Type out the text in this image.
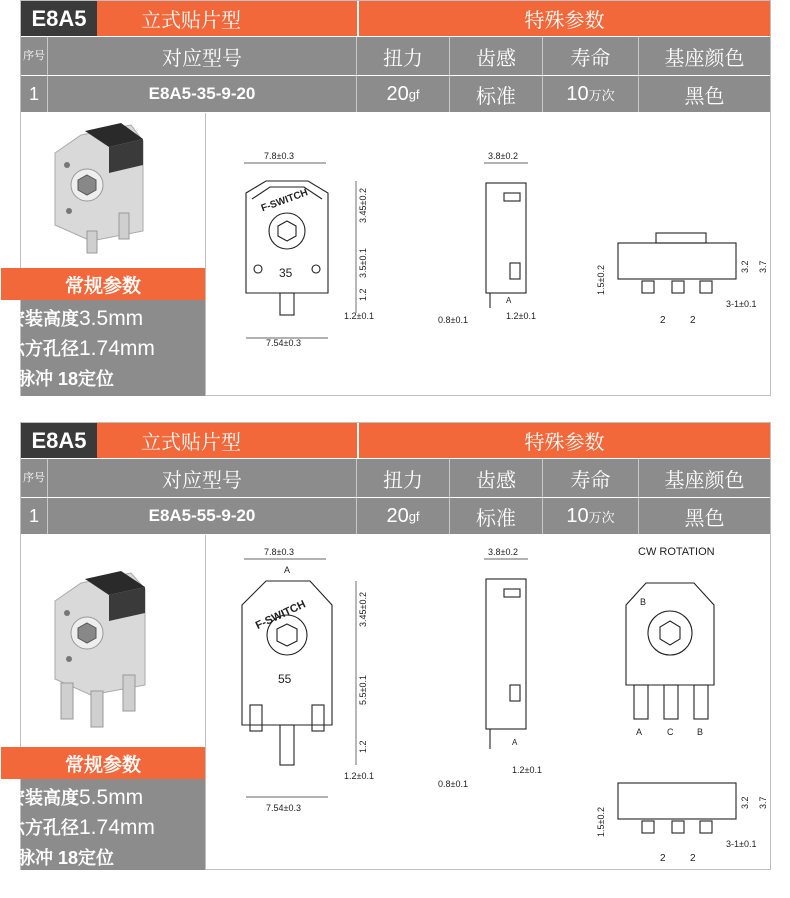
E8A5	立式贴片型	特殊参数
序号	对应型号	扭力	齿感	寿命	基座颜色
1	E8A5-35-9-20	20 gf	标准	10 万次	黑色
常规参数
安装高度3.5mm
六方孔径1.74mm
9脉冲 18定位
7.8±0.3
F-SWITCH
35
7.54±0.3
3.45±0.2
3.5±0.1
1.2
1.2±0.1
3.8±0.2
A
0.8±0.1	1.2±0.1
1.5±0.2	3.2 3.7
2 2
3-1±0.1
E8A5	立式贴片型	特殊参数
序号	对应型号	扭力	齿感	寿命	基座颜色
1	E8A5-55-9-20	20 gf	标准	10 万次	黑色
常规参数
安装高度5.5mm
六方孔径1.74mm
9脉冲 18定位
7.8±0.3
A
F-SWITCH
55
7.54±0.3
3.45±0.2
5.5±0.1
1.2
1.2±0.1
3.8±0.2
A
0.8±0.1
1.2±0.1
CW ROTATION
B
A	C	B
1.5±0.2
3.2 3.7
2 2
3-1±0.1
